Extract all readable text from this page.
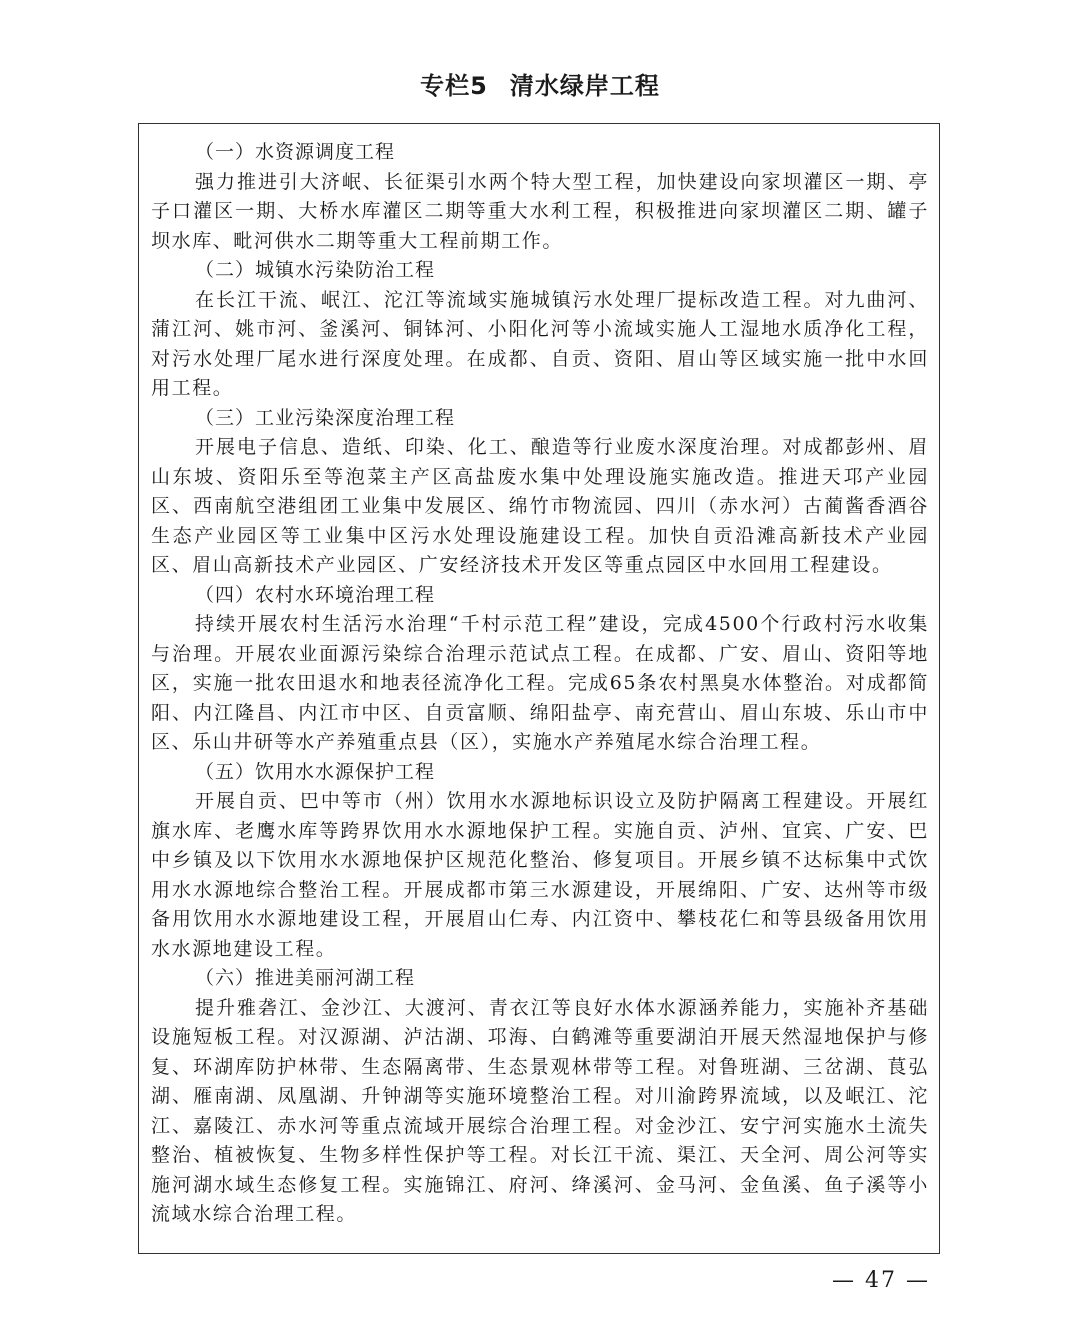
专栏5 清水绿岸工程
（一）水资源调度工程

强力推进引大济岷、长征渠引水两个特大型工程，加快建设向家坝灌区一期、亭子口灌区一期、大桥水库灌区二期等重大水利工程，积极推进向家坝灌区二期、罐子坝水库、毗河供水二期等重大工程前期工作。

（二）城镇水污染防治工程

在长江干流、岷江、沱江等流域实施城镇污水处理厂提标改造工程。对九曲河、蒲江河、姚市河、釜溪河、铜钵河、小阳化河等小流域实施人工湿地水质净化工程，对污水处理厂尾水进行深度处理。在成都、自贡、资阳、眉山等区域实施一批中水回用工程。

（三）工业污染深度治理工程

开展电子信息、造纸、印染、化工、酿造等行业废水深度治理。对成都彭州、眉山东坡、资阳乐至等泡菜主产区高盐废水集中处理设施实施改造。推进天邛产业园区、西南航空港组团工业集中发展区、绵竹市物流园、四川（赤水河）古蔺酱香酒谷生态产业园区等工业集中区污水处理设施建设工程。加快自贡沿滩高新技术产业园区、眉山高新技术产业园区、广安经济技术开发区等重点园区中水回用工程建设。

（四）农村水环境治理工程

持续开展农村生活污水治理“千村示范工程”建设，完成4500个行政村污水收集与治理。开展农业面源污染综合治理示范试点工程。在成都、广安、眉山、资阳等地区，实施一批农田退水和地表径流净化工程。完成65条农村黑臭水体整治。对成都简阳、内江隆昌、内江市中区、自贡富顺、绵阳盐亭、南充营山、眉山东坡、乐山市中区、乐山井研等水产养殖重点县（区），实施水产养殖尾水综合治理工程。

（五）饮用水水源保护工程

开展自贡、巴中等市（州）饮用水水源地标识设立及防护隔离工程建设。开展红旗水库、老鹰水库等跨界饮用水水源地保护工程。实施自贡、泸州、宜宾、广安、巴中乡镇及以下饮用水水源地保护区规范化整治、修复项目。开展乡镇不达标集中式饮用水水源地综合整治工程。开展成都市第三水源建设，开展绵阳、广安、达州等市级备用饮用水水源地建设工程，开展眉山仁寿、内江资中、攀枝花仁和等县级备用饮用水水源地建设工程。

（六）推进美丽河湖工程

提升雅砻江、金沙江、大渡河、青衣江等良好水体水源涵养能力，实施补齐基础设施短板工程。对汉源湖、泸沽湖、邛海、白鹤滩等重要湖泊开展天然湿地保护与修复、环湖库防护林带、生态隔离带、生态景观林带等工程。对鲁班湖、三岔湖、茛弘湖、雁南湖、凤凰湖、升钟湖等实施环境整治工程。对川渝跨界流域，以及岷江、沱江、嘉陵江、赤水河等重点流域开展综合治理工程。对金沙江、安宁河实施水土流失整治、植被恢复、生物多样性保护等工程。对长江干流、渠江、天全河、周公河等实施河湖水域生态修复工程。实施锦江、府河、绛溪河、金马河、金鱼溪、鱼子溪等小流域水综合治理工程。

— 47 —
